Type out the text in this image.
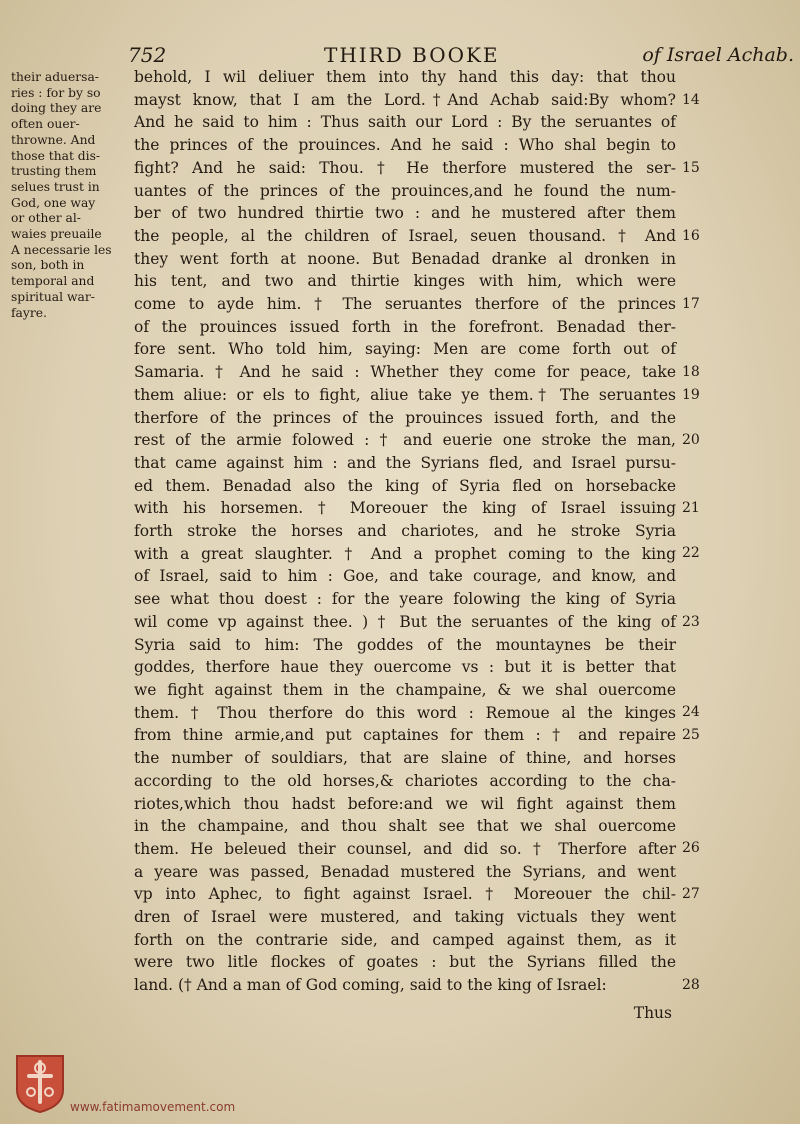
752	THIRD BOOKE	of Israel Achab.
their aduersa-
ries : for by so
doing they are
often ouer-
throwne. And
those that dis-
trusting them
selues trust in
God, one way
or other al-
waies preuaile
A necessarie les
son, both in
temporal and
spiritual war-
fayre.
behold, I wil deliuer them into thy hand this day: that thou
mayst know, that I am the Lord.†And Achab said:By whom?
And he said to him : Thus saith our Lord : By the seruantes of
the princes of the prouinces. And he said : Who shal begin to
fight? And he said: Thou. † He therfore mustered the ser-
uantes of the princes of the prouinces,and he found the num-
ber of two hundred thirtie two : and he mustered after them
the people, al the children of Israel, seuen thousand. † And
they went forth at noone. But Benadad dranke al dronken in
his tent, and two and thirtie kinges with him, which were
come to ayde him. † The seruantes therfore of the princes
of the prouinces issued forth in the forefront. Benadad ther-
fore sent. Who told him, saying: Men are come forth out of
Samaria. † And he said : Whether they come for peace, take
them aliue: or els to fight, aliue take ye them.† The seruantes
therfore of the princes of the prouinces issued forth, and the
rest of the armie folowed : † and euerie one stroke the man,
that came against him : and the Syrians fled, and Israel pursu-
ed them. Benadad also the king of Syria fled on horsebacke
with his horsemen. † Moreouer the king of Israel issuing
forth stroke the horses and chariotes, and he stroke Syria
with a great slaughter. † And a prophet coming to the king
of Israel, said to him : Goe, and take courage, and know, and
see what thou doest : for the yeare folowing the king of Syria
wil come vp against thee. ) † But the seruantes of the king of
Syria said to him: The goddes of the mountaynes be their
goddes, therfore haue they ouercome vs : but it is better that
we fight against them in the champaine, & we shal ouercome
them. † Thou therfore do this word : Remoue al the kinges
from thine armie,and put captaines for them : † and repaire
the number of souldiars, that are slaine of thine, and horses
according to the old horses,& chariotes according to the cha-
riotes,which thou hadst before:and we wil fight against them
in the champaine, and thou shalt see that we shal ouercome
them. He beleued their counsel, and did so. † Therfore after
a yeare was passed, Benadad mustered the Syrians, and went
vp into Aphec, to fight against Israel. † Moreouer the chil-
dren of Israel were mustered, and taking victuals they went
forth on the contrarie side, and camped against them, as it
were two litle flockes of goates : but the Syrians filled the
land. († And a man of God coming, said to the king of Israel:
14
15
16
17
18
19
20
21
22
23
24
25
26
27
28
Thus
www.fatimamovement.com
